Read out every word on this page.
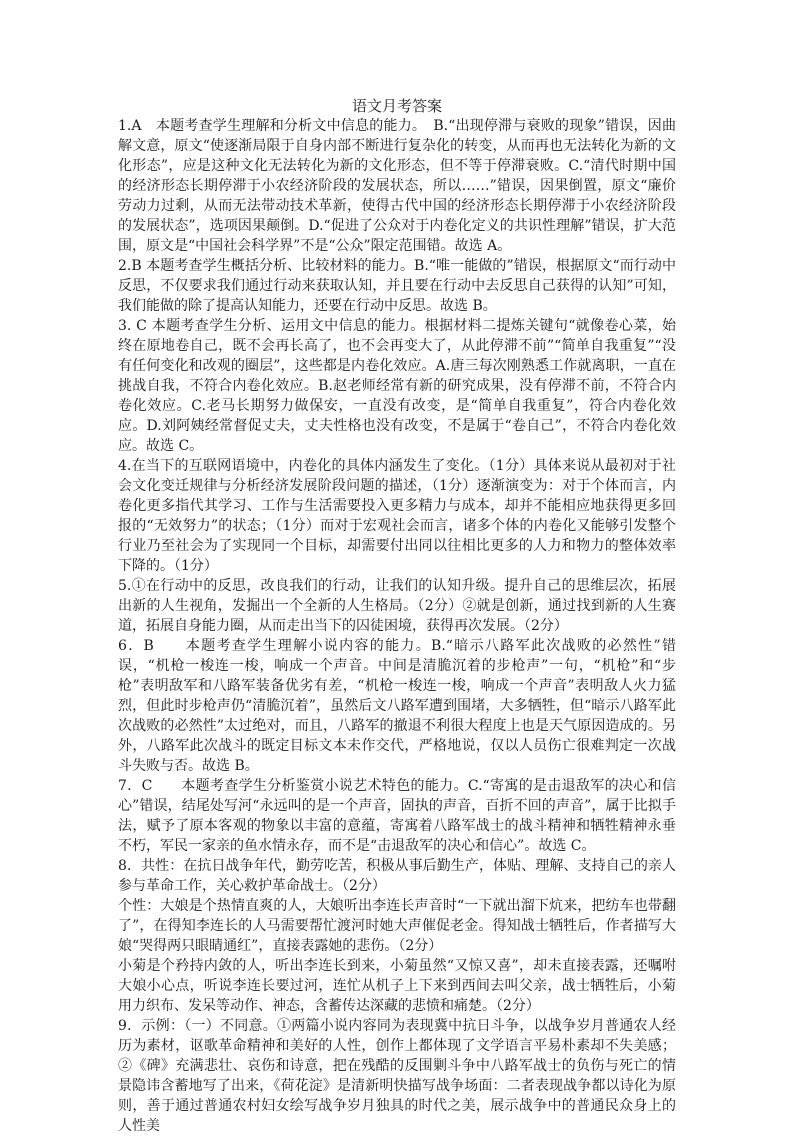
语文月考答案

1.A　本题考查学生理解和分析文中信息的能力。　B.“出现停滞与衰败的现象”错误，因曲解文意，原文“使逐渐局限于自身内部不断进行复杂化的转变，从而再也无法转化为新的文化形态”，应是这种文化无法转化为新的文化形态，但不等于停滞衰败。C.“清代时期中国的经济形态长期停滞于小农经济阶段的发展状态，所以……”错误，因果倒置，原文“廉价劳动力过剩，从而无法带动技术革新，使得古代中国的经济形态长期停滞于小农经济阶段的发展状态”，选项因果颠倒。D.“促进了公众对于内卷化定义的共识性理解”错误，扩大范围，原文是“中国社会科学界”不是“公众”限定范围错。故选 A。

2.B 本题考查学生概括分析、比较材料的能力。B.“唯一能做的”错误，根据原文“而行动中反思，不仅要求我们通过行动来获取认知，并且要在行动中去反思自己获得的认知”可知，我们能做的除了提高认知能力，还要在行动中反思。故选 B。

3. C 本题考查学生分析、运用文中信息的能力。根据材料二提炼关键句“就像卷心菜，始终在原地卷自己，既不会再长高了，也不会再变大了，从此停滞不前”“简单自我重复”“没有任何变化和改观的圈层”，这些都是内卷化效应。A.唐三每次刚熟悉工作就离职，一直在挑战自我，不符合内卷化效应。B.赵老师经常有新的研究成果，没有停滞不前，不符合内卷化效应。C.老马长期努力做保安，一直没有改变，是“简单自我重复”，符合内卷化效应。D.刘阿姨经常督促丈夫，丈夫性格也没有改变，不是属于“卷自己”，不符合内卷化效应。故选 C。

4.在当下的互联网语境中，内卷化的具体内涵发生了变化。（1分）具体来说从最初对于社会文化变迁规律与分析经济发展阶段问题的描述，（1分）逐渐演变为：对于个体而言，内卷化更多指代其学习、工作与生活需要投入更多精力与成本，却并不能相应地获得更多回报的“无效努力”的状态；（1分）而对于宏观社会而言，诸多个体的内卷化又能够引发整个行业乃至社会为了实现同一个目标，却需要付出同以往相比更多的人力和物力的整体效率下降的。（1分）

5.①在行动中的反思，改良我们的行动，让我们的认知升级。提升自己的思维层次，拓展出新的人生视角，发掘出一个全新的人生格局。（2分）②就是创新，通过找到新的人生赛道，拓展自身能力圈，从而走出当下的囚徒困境，获得再次发展。（2分）

6．B　　本题考查学生理解小说内容的能力。B.“暗示八路军此次战败的必然性”错误，“机枪一梭连一梭，响成一个声音。中间是清脆沉着的步枪声”一句，“机枪”和“步枪”表明敌军和八路军装备优劣有差，“机枪一梭连一梭，响成一个声音”表明敌人火力猛烈，但此时步枪声仍“清脆沉着”，虽然后文八路军遭到围堵，大多牺牲，但“暗示八路军此次战败的必然性”太过绝对，而且，八路军的撤退不利很大程度上也是天气原因造成的。另外，八路军此次战斗的既定目标文本未作交代，严格地说，仅以人员伤亡很难判定一次战斗失败与否。故选 B。

7．C　　本题考查学生分析鉴赏小说艺术特色的能力。C.“寄寓的是击退敌军的决心和信心”错误，结尾处写河“永远叫的是一个声音，固执的声音，百折不回的声音”，属于比拟手法，赋予了原本客观的物象以丰富的意蕴，寄寓着八路军战士的战斗精神和牺牲精神永垂不朽，军民一家亲的鱼水情永存，而不是“击退敌军的决心和信心”。故选 C。

8．共性：在抗日战争年代，勤劳吃苦，积极从事后勤生产，体贴、理解、支持自己的亲人参与革命工作，关心救护革命战士。（2分）

个性：大娘是个热情直爽的人，大娘听出李连长声音时“一下就出溜下炕来，把纺车也带翻了”，在得知李连长的人马需要帮忙渡河时她大声催促老金。得知战士牺牲后，作者描写大娘“哭得两只眼睛通红”，直接表露她的悲伤。（2分）

小菊是个矜持内敛的人，听出李连长到来，小菊虽然“又惊又喜”，却未直接表露，还嘱咐大娘小心点，听说李连长要过河，连忙从机子上下来到西间去叫父亲，战士牺牲后，小菊用力织布、发呆等动作、神态，含蓄传达深藏的悲愤和痛楚。（2分）

9．示例：（一）不同意。①两篇小说内容同为表现冀中抗日斗争，以战争岁月普通农人经历为素材，讴歌革命精神和美好的人性，创作上都体现了文学语言平易朴素却不失美感；②《碑》充满悲壮、哀伤和诗意，把在残酷的反围剿斗争中八路军战士的负伤与死亡的情景隐讳含蓄地写了出来，《荷花淀》是清新明快描写战争场面：二者表现战争都以诗化为原则，善于通过普通农村妇女绘写战争岁月独具的时代之美，展示战争中的普通民众身上的人性美
